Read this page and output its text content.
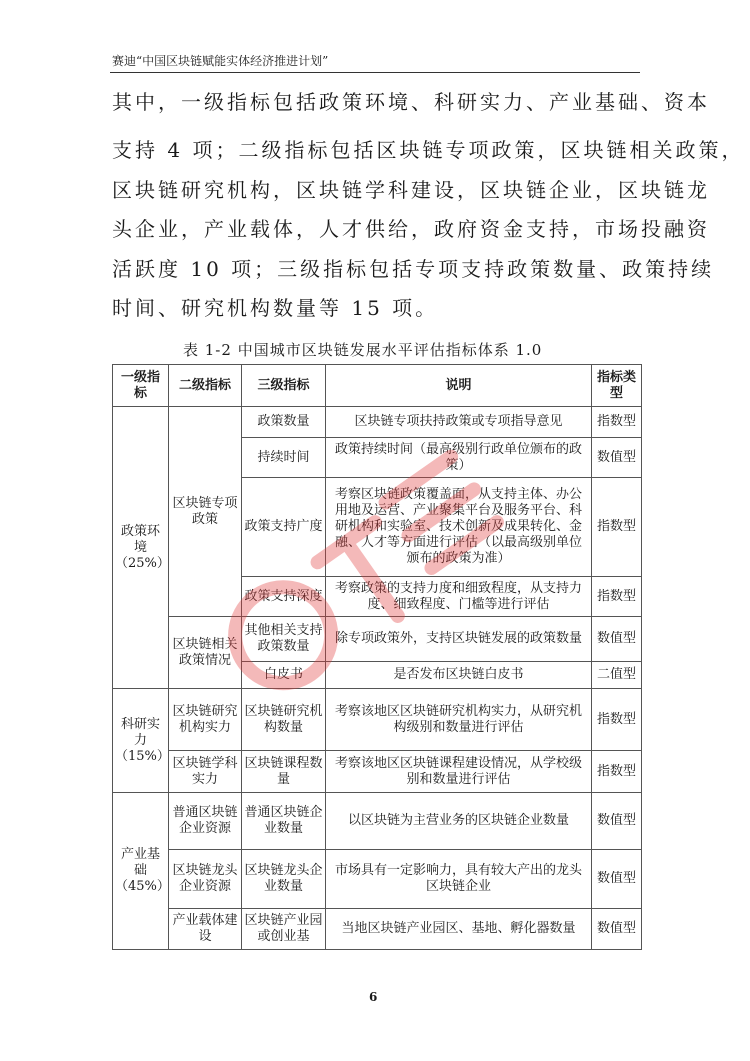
赛迪“中国区块链赋能实体经济推进计划”
其中，一级指标包括政策环境、科研实力、产业基础、资本
支持 4 项；二级指标包括区块链专项政策，区块链相关政策，
区块链研究机构，区块链学科建设，区块链企业，区块链龙
头企业，产业载体，人才供给，政府资金支持，市场投融资
活跃度 10 项；三级指标包括专项支持政策数量、政策持续
时间、研究机构数量等 15 项。
表 1-2 中国城市区块链发展水平评估指标体系 1.0
一级指标	二级指标	三级指标	说明	指标类型
政策环境（25%）	区块链专项政策	政策数量	区块链专项扶持政策或专项指导意见	指数型
		持续时间	政策持续时间（最高级别行政单位颁布的政策）	数值型
		政策支持广度	考察区块链政策覆盖面，从支持主体、办公用地及运营、产业聚集平台及服务平台、科研机构和实验室、技术创新及成果转化、金融、人才等方面进行评估（以最高级别单位颁布的政策为准）	指数型
		政策支持深度	考察政策的支持力度和细致程度，从支持力度、细致程度、门槛等进行评估	指数型
	区块链相关政策情况	其他相关支持政策数量	除专项政策外，支持区块链发展的政策数量	数值型
		白皮书	是否发布区块链白皮书	二值型
科研实力（15%）	区块链研究机构实力	区块链研究机构数量	考察该地区区块链研究机构实力，从研究机构级别和数量进行评估	指数型
	区块链学科实力	区块链课程数量	考察该地区区块链课程建设情况，从学校级别和数量进行评估	指数型
产业基础（45%）	普通区块链企业资源	普通区块链企业数量	以区块链为主营业务的区块链企业数量	数值型
	区块链龙头企业资源	区块链龙头企业数量	市场具有一定影响力，具有较大产出的龙头区块链企业	数值型
	产业载体建设	区块链产业园或创业基	当地区块链产业园区、基地、孵化器数量	数值型
6
